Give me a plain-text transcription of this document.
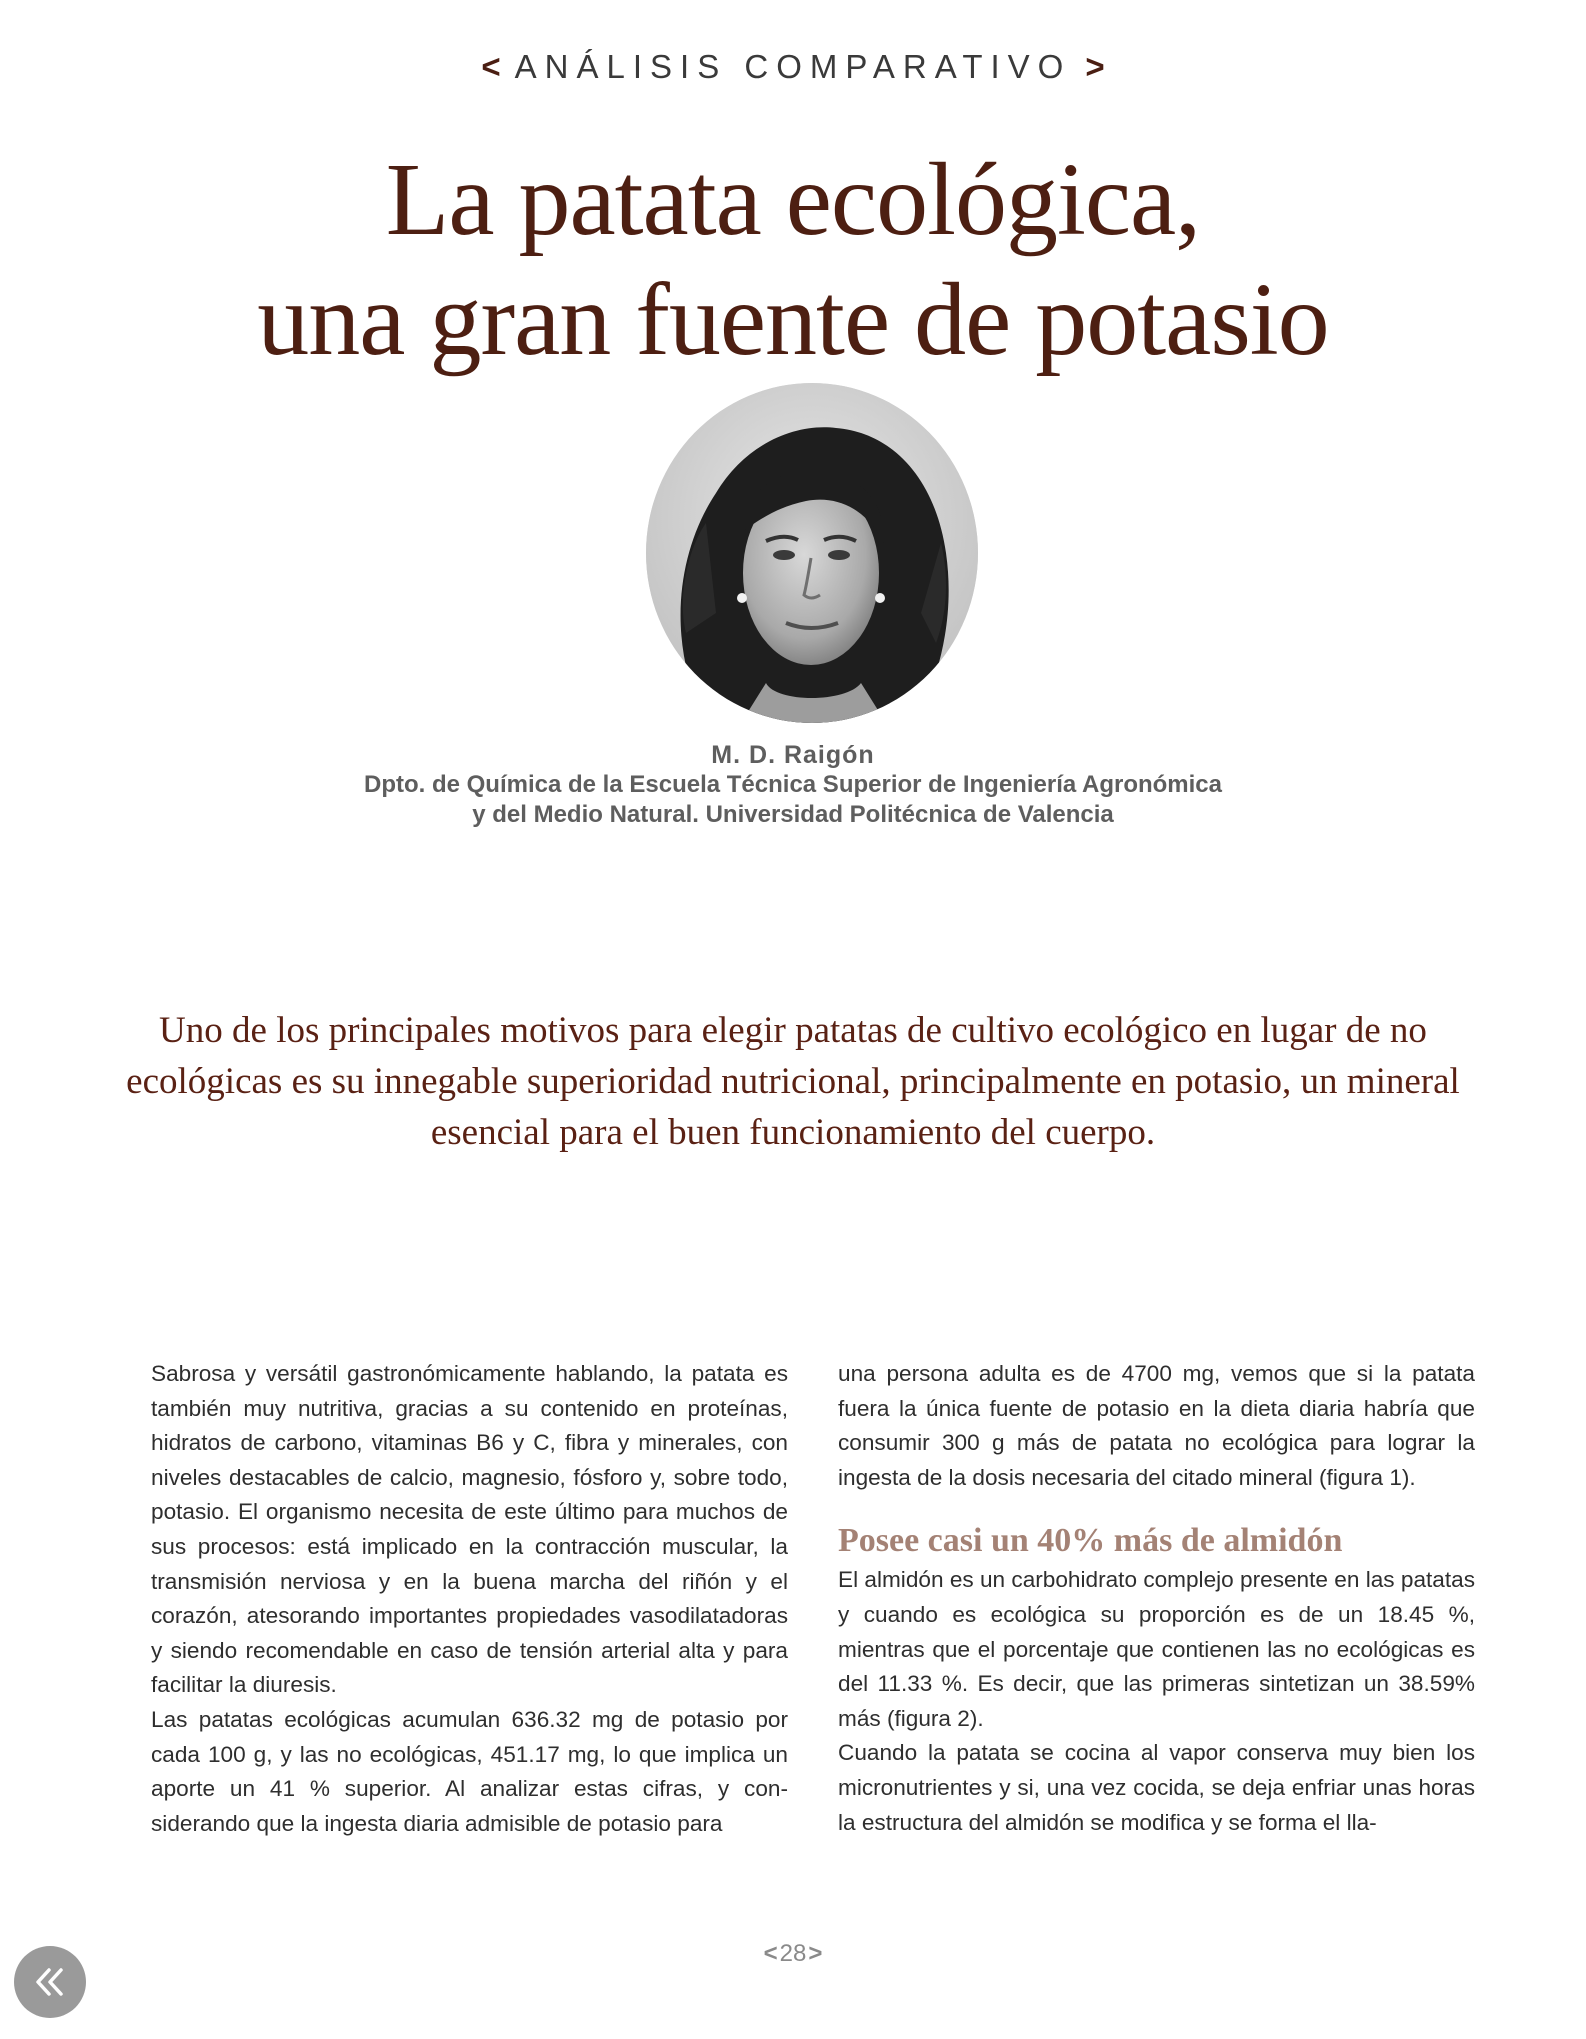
< ANÁLISIS COMPARATIVO >
La patata ecológica,
una gran fuente de potasio
M. D. Raigón
Dpto. de Química de la Escuela Técnica Superior de Ingeniería Agronómica
y del Medio Natural. Universidad Politécnica de Valencia

Uno de los principales motivos para elegir patatas de cultivo ecológico en lugar de no ecológicas es su innegable superioridad nutricional, principalmente en potasio, un mineral esencial para el buen funcionamiento del cuerpo.

Sabrosa y versátil gastronómicamente hablando, la patata es también muy nutritiva, gracias a su contenido en proteínas, hidratos de carbono, vitaminas B6 y C, fibra y minerales, con niveles destacables de calcio, magnesio, fósforo y, sobre todo, potasio. El organismo necesita de este último para muchos de sus procesos: está implicado en la contracción muscular, la transmisión nerviosa y en la buena marcha del riñón y el corazón, atesorando importantes propiedades vasodilatadoras y siendo recomendable en caso de tensión arterial alta y para facilitar la diuresis.

Las patatas ecológicas acumulan 636.32 mg de potasio por cada 100 g, y las no ecológicas, 451.17 mg, lo que implica un aporte un 41 % superior. Al analizar estas cifras, y considerando que la ingesta diaria admisible de potasio para

una persona adulta es de 4700 mg, vemos que si la patata fuera la única fuente de potasio en la dieta diaria habría que consumir 300 g más de patata no ecológica para lograr la ingesta de la dosis necesaria del citado mineral (figura 1).

Posee casi un 40% más de almidón

El almidón es un carbohidrato complejo presente en las patatas y cuando es ecológica su proporción es de un 18.45 %, mientras que el porcentaje que contienen las no ecológicas es del 11.33 %. Es decir, que las primeras sintetizan un 38.59% más (figura 2).

Cuando la patata se cocina al vapor conserva muy bien los micronutrientes y si, una vez cocida, se deja enfriar unas horas la estructura del almidón se modifica y se forma el lla-

<28>
